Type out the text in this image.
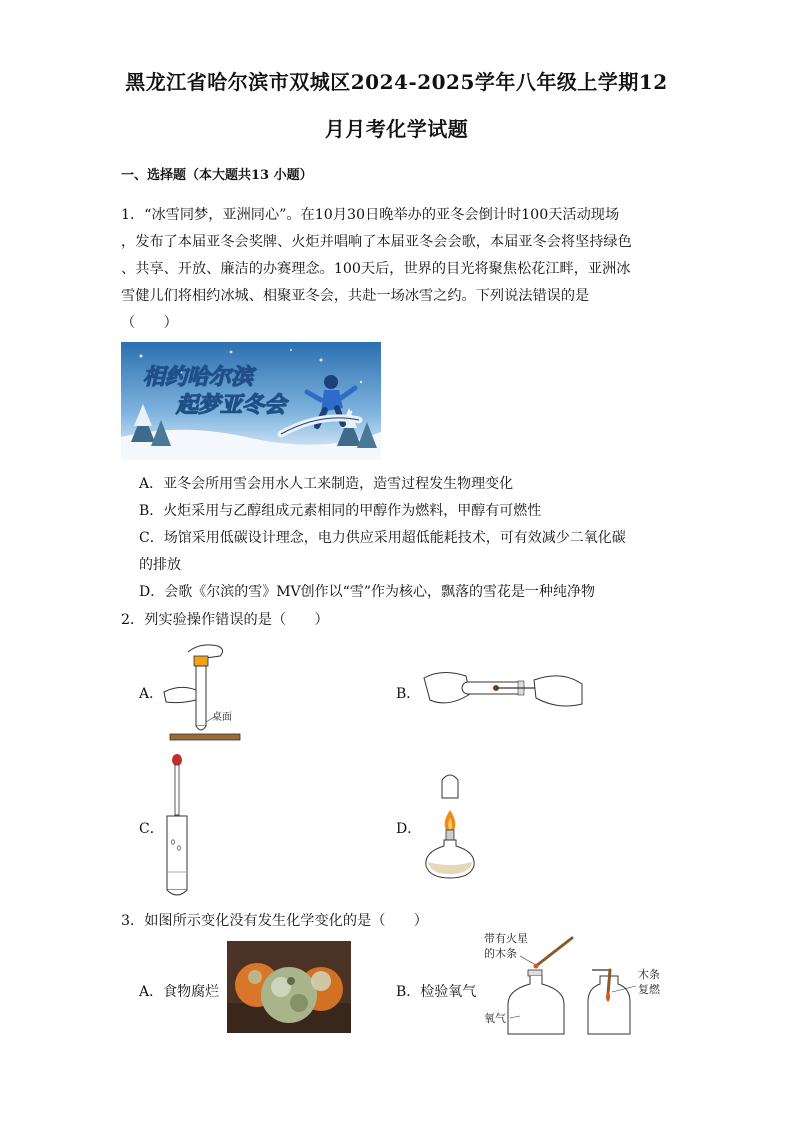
黑龙江省哈尔滨市双城区2024-2025学年八年级上学期12
月月考化学试题
一、选择题（本大题共13 小题）
1．“冰雪同梦，亚洲同心”。在10月30日晚举办的亚冬会倒计时100天活动现场
，发布了本届亚冬会奖牌、火炬并唱响了本届亚冬会会歌，本届亚冬会将坚持绿色
、共享、开放、廉洁的办赛理念。100天后，世界的目光将聚焦松花江畔，亚洲冰
雪健儿们将相约冰城、相聚亚冬会，共赴一场冰雪之约。下列说法错误的是
（　　）
相约哈尔滨
起梦亚冬会
A．亚冬会所用雪会用水人工来制造，造雪过程发生物理变化
B．火炬采用与乙醇组成元素相同的甲醇作为燃料，甲醇有可燃性
C．场馆采用低碳设计理念，电力供应采用超低能耗技术，可有效减少二氧化碳
的排放
D．会歌《尔滨的雪》MV创作以“雪”作为核心，飘落的雪花是一种纯净物
2．列实验操作错误的是（　　）
A．
桌面
B．
C．	D．
3．如图所示变化没有发生化学变化的是（　　）
A．食物腐烂	B．检验氧气
带有火星
的木条
氧气
木条
复燃
